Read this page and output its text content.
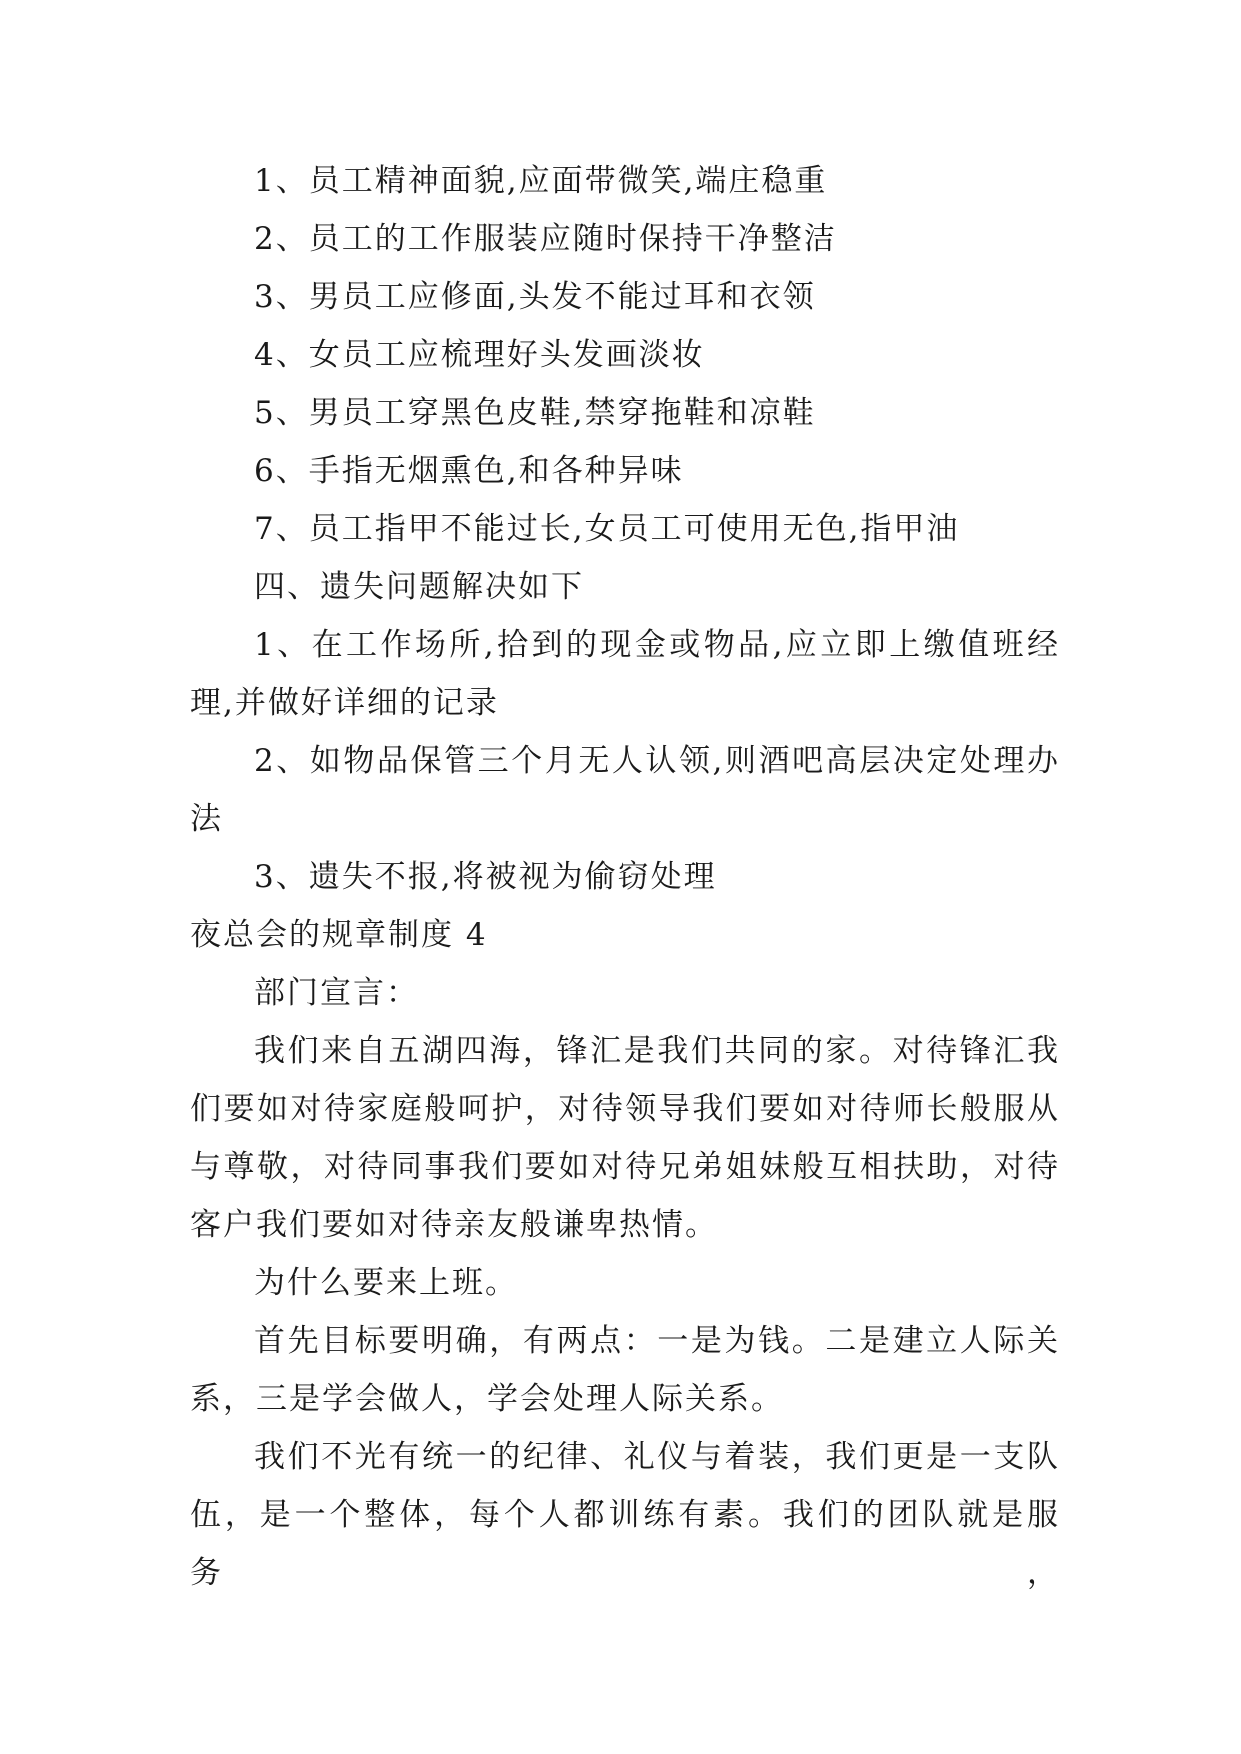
1、员工精神面貌,应面带微笑,端庄稳重
2、员工的工作服装应随时保持干净整洁
3、男员工应修面,头发不能过耳和衣领
4、女员工应梳理好头发画淡妆
5、男员工穿黑色皮鞋,禁穿拖鞋和凉鞋
6、手指无烟熏色,和各种异味
7、员工指甲不能过长,女员工可使用无色,指甲油
四、遗失问题解决如下
1、在工作场所,拾到的现金或物品,应立即上缴值班经
理,并做好详细的记录
2、如物品保管三个月无人认领,则酒吧高层决定处理办
法
3、遗失不报,将被视为偷窃处理
夜总会的规章制度 4
部门宣言：
我们来自五湖四海，锋汇是我们共同的家。对待锋汇我
们要如对待家庭般呵护，对待领导我们要如对待师长般服从
与尊敬，对待同事我们要如对待兄弟姐妹般互相扶助，对待
客户我们要如对待亲友般谦卑热情。
为什么要来上班。
首先目标要明确，有两点：一是为钱。二是建立人际关
系，三是学会做人，学会处理人际关系。
我们不光有统一的纪律、礼仪与着装，我们更是一支队
伍，是一个整体，每个人都训练有素。我们的团队就是服务，
